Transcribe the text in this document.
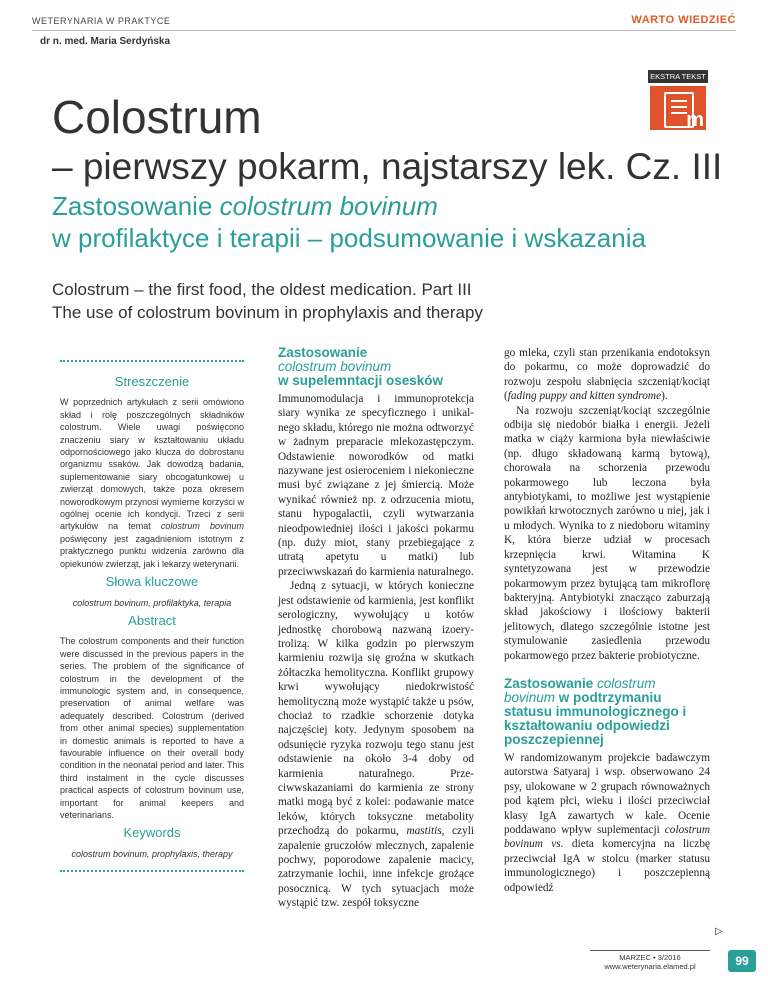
WETERYNARIA W PRAKTYCE	WARTO WIEDZIEĆ
dr n. med. Maria Serdyńska
EKSTRA TEKST
m
Colostrum
– pierwszy pokarm, najstarszy lek. Cz. III
Zastosowanie colostrum bovinum
w profilaktyce i terapii – podsumowanie i wskazania
Colostrum – the first food, the oldest medication. Part III
The use of colostrum bovinum in prophylaxis and therapy
Streszczenie

W poprzednich artykułach z serii omówiono skład i rolę poszczególnych składników colostrum. Wiele uwagi poświęcono znaczeniu siary w kształtowaniu układu odpornościowego jako klucza do dobrostanu organizmu ssaków. Jak dowodzą badania, suplementowanie siary obcogatunkowej u zwierząt domowych, także poza okresem noworodkowym przynosi wymierne korzyści w ogólnej ocenie ich kondycji. Trzeci z serii artykułów na temat colostrum bovinum poświęcony jest zagadnieniom istotnym z praktycznego punktu widzenia zarówno dla opiekunów zwierząt, jak i lekarzy weterynarii.

Słowa kluczowe

colostrum bovinum, profilaktyka, terapia

Abstract

The colostrum components and their function were discussed in the previous papers in the series. The problem of the significance of colostrum in the development of the immunologic system and, in consequence, preservation of animal welfare was adequately described. Colostrum (derived from other animal species) supplementation in domestic animals is reported to have a favourable influence on their overall body condition in the neonatal period and later. This third instalment in the cycle discusses practical aspects of colostrum bovinum use, important for animal keepers and veterinarians.

Keywords

colostrum bovinum, prophylaxis, therapy

Zastosowanie
colostrum bovinum
w supelemntacji osesków

Immunomodulacja i immunoprotekcja siary wynika ze specyficznego i unikalnego składu, którego nie można odtworzyć w żadnym preparacie mlekozastępczym. Odstawienie noworodków od matki nazywane jest osieroceniem i niekonieczne musi być związane z jej śmiercią. Może wynikać również np. z odrzucenia miotu, stanu hypogalactii, czyli wytwarzania nieodpowiedniej ilości i jakości pokarmu (np. duży miot, stany przebiegające z utratą apetytu u matki) lub przeciwwskazań do karmienia naturalnego.

Jedną z sytuacji, w których konieczne jest odstawienie od karmienia, jest konflikt serologiczny, wywołujący u kotów jednostkę chorobową nazwaną izoerytrolizą. W kilka godzin po pierwszym karmieniu rozwija się groźna w skutkach żółtaczka hemolityczna. Konflikt grupowy krwi wywołujący niedokrwistość hemolityczną może wystąpić także u psów, chociaż to rzadkie schorzenie dotyka najczęściej koty. Jedynym sposobem na odsunięcie ryzyka rozwoju tego stanu jest odstawienie na około 3-4 doby od karmienia naturalnego. Przeciwwskazaniami do karmienia ze strony matki mogą być z kolei: podawanie matce leków, których toksyczne metabolity przechodzą do pokarmu, mastitis, czyli zapalenie gruczołów mlecznych, zapalenie pochwy, poporodowe zapalenie macicy, zatrzymanie lochii, inne infekcje grożące posocznicą. W tych sytuacjach może wystąpić tzw. zespół toksyczne

go mleka, czyli stan przenikania endotoksyn do pokarmu, co może doprowadzić do rozwoju zespołu słabnięcia szczeniąt/kociąt (fading puppy and kitten syndrome).

Na rozwoju szczeniąt/kociąt szczególnie odbija się niedobór białka i energii. Jeżeli matka w ciąży karmiona była niewłaściwie (np. długo składowaną karmą bytową), chorowała na schorzenia przewodu pokarmowego lub leczona była antybiotykami, to możliwe jest wystąpienie powikłań krwotocznych zarówno u niej, jak i u młodych. Wynika to z niedoboru witaminy K, która bierze udział w procesach krzepnięcia krwi. Witamina K syntetyzowana jest w przewodzie pokarmowym przez bytującą tam mikroflorę bakteryjną. Antybiotyki znacząco zaburzają skład jakościowy i ilościowy bakterii jelitowych, dlatego szczególnie istotne jest stymulowanie zasiedlenia przewodu pokarmowego przez bakterie probiotyczne.

Zastosowanie colostrum bovinum w podtrzymaniu statusu immunologicznego i kształtowaniu odpowiedzi poszczepiennej

W randomizowanym projekcie badawczym autorstwa Satyaraj i wsp. obserwowano 24 psy, ulokowane w 2 grupach równoważnych pod kątem płci, wieku i ilości przeciwciał klasy IgA zawartych w kale. Ocenie poddawano wpływ suplementacji colostrum bovinum vs. dieta komercyjna na liczbę przeciwciał IgA w stolcu (marker statusu immunologicznego) i poszczepienną odpowiedź

▷
MARZEC • 3/2016
www.weterynaria.elamed.pl	99
